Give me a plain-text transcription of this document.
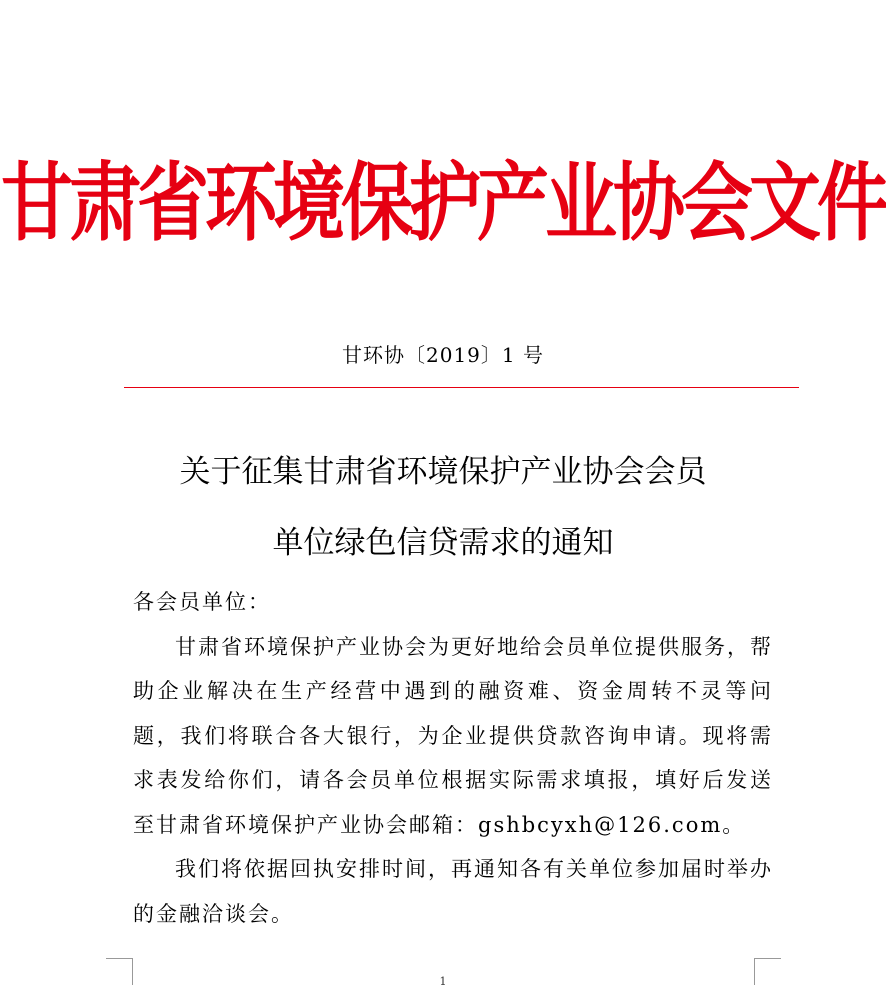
甘肃省环境保护产业协会文件
甘环协〔2019〕1 号
关于征集甘肃省环境保护产业协会会员
单位绿色信贷需求的通知

各会员单位：

甘肃省环境保护产业协会为更好地给会员单位提供服务，帮助企业解决在生产经营中遇到的融资难、资金周转不灵等问题，我们将联合各大银行，为企业提供贷款咨询申请。现将需求表发给你们，请各会员单位根据实际需求填报，填好后发送至甘肃省环境保护产业协会邮箱：gshbcyxh@126.com。

我们将依据回执安排时间，再通知各有关单位参加届时举办的金融洽谈会。

1
